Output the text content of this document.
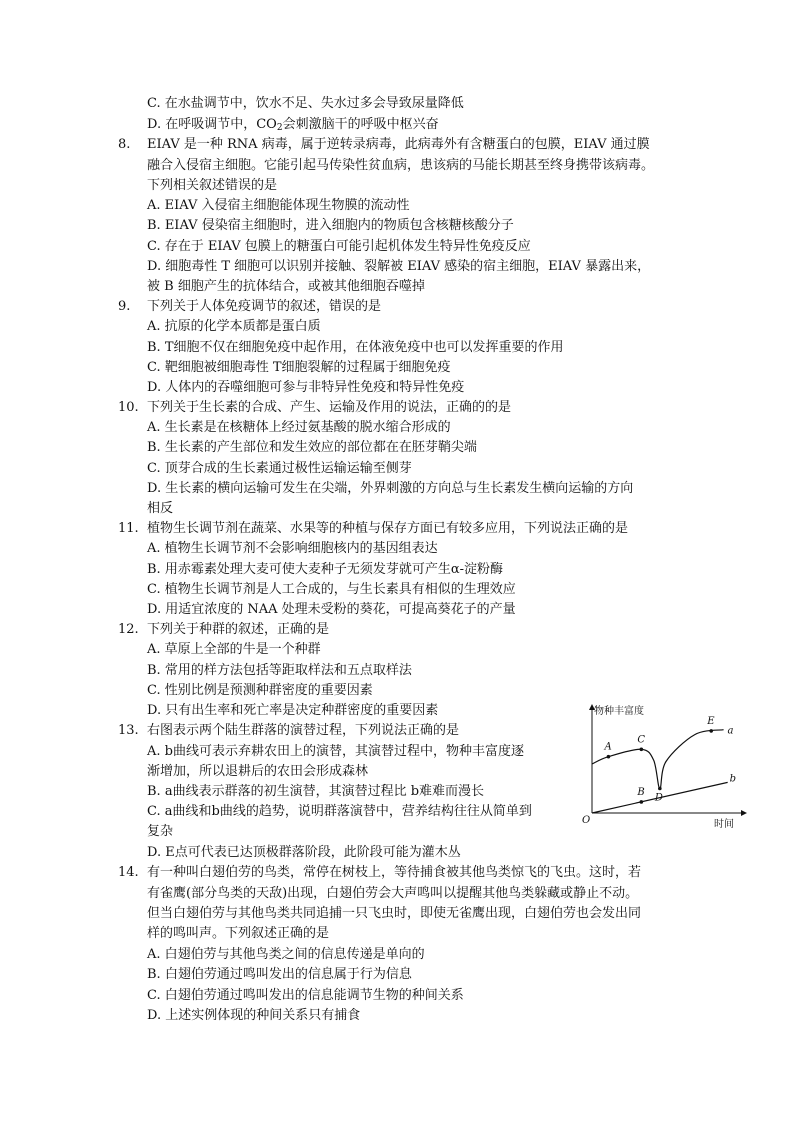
C. 在水盐调节中，饮水不足、失水过多会导致尿量降低
D. 在呼吸调节中，$CO_2$会刺激脑干的呼吸中枢兴奋
8. EIAV 是一种 RNA 病毒，属于逆转录病毒，此病毒外有含糖蛋白的包膜，EIAV 通过膜
融合入侵宿主细胞。它能引起马传染性贫血病，患该病的马能长期甚至终身携带该病毒。
下列相关叙述错误的是
A. EIAV 入侵宿主细胞能体现生物膜的流动性
B. EIAV 侵染宿主细胞时，进入细胞内的物质包含核糖核酸分子
C. 存在于 EIAV 包膜上的糖蛋白可能引起机体发生特异性免疫反应
D. 细胞毒性 T 细胞可以识别并接触、裂解被 EIAV 感染的宿主细胞，EIAV 暴露出来，
被 B 细胞产生的抗体结合，或被其他细胞吞噬掉
9. 下列关于人体免疫调节的叙述，错误的是
A. 抗原的化学本质都是蛋白质
B. T细胞不仅在细胞免疫中起作用，在体液免疫中也可以发挥重要的作用
C. 靶细胞被细胞毒性 T细胞裂解的过程属于细胞免疫
D. 人体内的吞噬细胞可参与非特异性免疫和特异性免疫
10. 下列关于生长素的合成、产生、运输及作用的说法，正确的的是
A. 生长素是在核糖体上经过氨基酸的脱水缩合形成的
B. 生长素的产生部位和发生效应的部位都在在胚芽鞘尖端
C. 顶芽合成的生长素通过极性运输运输至侧芽
D. 生长素的横向运输可发生在尖端，外界刺激的方向总与生长素发生横向运输的方向
相反
11. 植物生长调节剂在蔬菜、水果等的种植与保存方面已有较多应用，下列说法正确的是
A. 植物生长调节剂不会影响细胞核内的基因组表达
B. 用赤霉素处理大麦可使大麦种子无须发芽就可产生α-淀粉酶
C. 植物生长调节剂是人工合成的，与生长素具有相似的生理效应
D. 用适宜浓度的 NAA 处理未受粉的葵花，可提高葵花子的产量
12. 下列关于种群的叙述，正确的是
A. 草原上全部的牛是一个种群
B. 常用的样方法包括等距取样法和五点取样法
C. 性别比例是预测种群密度的重要因素
D. 只有出生率和死亡率是决定种群密度的重要因素
13. 右图表示两个陆生群落的演替过程，下列说法正确的是
A. b曲线可表示弃耕农田上的演替，其演替过程中，物种丰富度逐
渐增加，所以退耕后的农田会形成森林
B. a曲线表示群落的初生演替，其演替过程比 b难难而漫长
C. a曲线和b曲线的趋势，说明群落演替中，营养结构往往从简单到
复杂
D. E点可代表已达顶极群落阶段，此阶段可能为灌木丛
物种丰富度
时间
O
a
b
A
C
D
E
B
14. 有一种叫白翅伯劳的鸟类，常停在树枝上，等待捕食被其他鸟类惊飞的飞虫。这时，若
有雀鹰(部分鸟类的天敌)出现，白翅伯劳会大声鸣叫以提醒其他鸟类躲藏或静止不动。
但当白翅伯劳与其他鸟类共同追捕一只飞虫时，即使无雀鹰出现，白翅伯劳也会发出同
样的鸣叫声。下列叙述正确的是
A. 白翅伯劳与其他鸟类之间的信息传递是单向的
B. 白翅伯劳通过鸣叫发出的信息属于行为信息
C. 白翅伯劳通过鸣叫发出的信息能调节生物的种间关系
D. 上述实例体现的种间关系只有捕食
